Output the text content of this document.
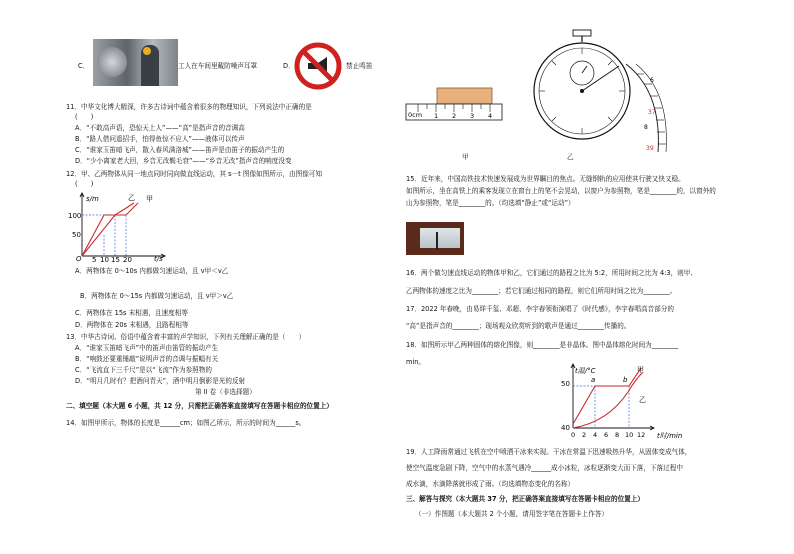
C．	工人在车间里戴防噪声耳罩	D．	禁止鸣笛
11．中华文化博大精深，许多古诗词中蕴含着很多的物理知识，下列说法中正确的是
(　　)
A．“不敢高声语，恐惊天上人”——“高”是指声音的音调高
B．“路人借问遥招手，怕得鱼惊不应人”——液体可以传声
C．“谁家玉笛暗飞声，散入春风满洛城”——笛声是由笛子的振动产生的
D．“少小离家老大回，乡音无改鬓毛衰”——“乡音无改”指声音的响度没变
12．甲、乙两物体从同一地点同时同向做直线运动，其 s－t 图像如图所示，由图像可知
(　　)
s/m
t/s
O
100
50
5 10 15 20
乙 甲
A．两物体在 0～10s 内都做匀速运动，且 v甲＜v乙
B．两物体在 0～15s 内都做匀速运动，且 v甲＞v乙
C．两物体在 15s 末相遇，且速度相等
D．两物体在 20s 末相遇，且路程相等
13．中华古诗词、俗语中蕴含着丰富的声学知识，下列有关理解正确的是（　　）
A．“谁家玉笛暗飞声”中的笛声由笛管的振动产生
B．“响鼓还要重锤敲”说明声音的音调与振幅有关
C．“飞流直下三千尺”是以“飞流”作为参照物的
D．“明月几时有？把酒问青天”，酒中明月倒影是光的反射
第 II 卷（非选择题）
二、填空题（本大题 6 小题，共 12 分，只需把正确答案直接填写在答题卡相应的位置上）
14．如图甲所示，物体的长度是______cm；如图乙所示，所示的时间为______s。
0cm 1 2 3 4
甲
6
37
8
39
乙
15．近年来，中国高铁技术快速发展成为世界瞩目的焦点。无缝钢轨的应用使其行驶又快又稳。
如图所示，坐在高铁上的乘客发现立在窗台上的笔不会晃动，以窗户为参照物，笔是________的，以窗外的
山为参照物，笔是________的。（均选填“静止”或“运动”）
16．两个做匀速直线运动的物体甲和乙，它们通过的路程之比为 5:2，所用时间之比为 4:3，则甲、
乙两物体的速度之比为________；若它们通过相同的路程，则它们所用时间之比为________。
17．2022 年春晚，由易烊千玺、邓超、李宇春领衔演唱了《时代感》，李宇春唱高音部分的
“高”是指声音的________；现场观众欣赏听到的歌声是通过________传播的。
18．如图所示甲乙两种固体的熔化图像，则________是非晶体。图中晶体熔化时间为________
min。
t温/°C
t时/min
50
40
0 2 4 6 8 10 12
a	b
甲
乙
19．人工降雨常通过飞机在空中喷洒干冰来实现。干冰在常温下迅速吸热升华，从固体变成气体，
使空气温度急剧下降，空气中的水蒸气遇冷______成小冰粒，冰粒逐渐变大而下落，下落过程中
成水滴，水滴降落就形成了雨。（均选填物态变化的名称）
三、解答与探究（本大题共 37 分，把正确答案直接填写在答题卡相应的位置上）
（一）作图题（本大题共 2 个小题，请用签字笔在答题卡上作答）
